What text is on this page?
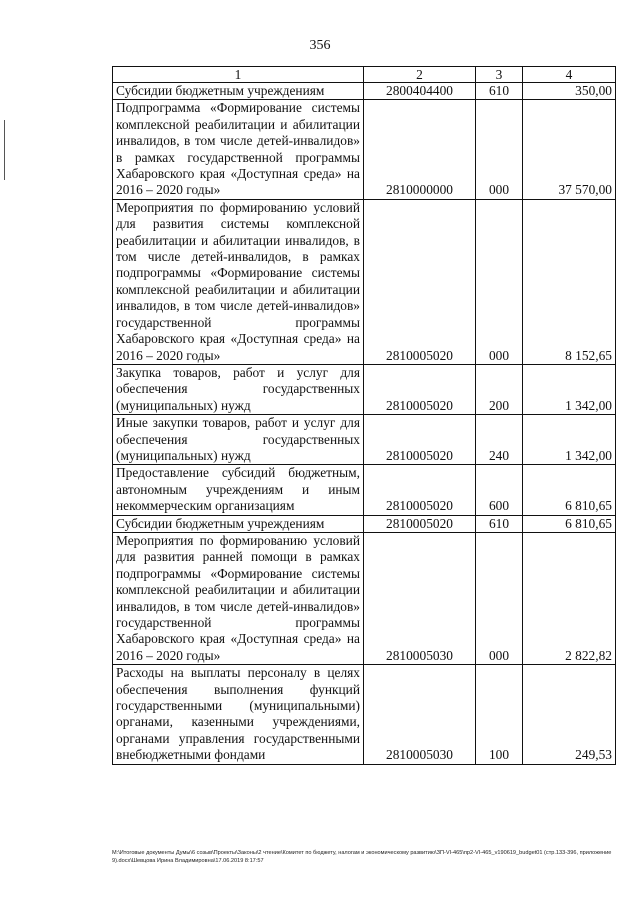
356
1	2	3	4
Субсидии бюджетным учреждениям	2800404400	610	350,00
Подпрограмма «Формирование системы комплексной реабилитации и абилитации инвалидов, в том числе детей-инвалидов» в рамках государственной программы Хабаровского края «Доступная среда» на 2016 – 2020 годы»	2810000000	000	37 570,00
Мероприятия по формированию условий для развития системы комплексной реабилитации и абилитации инвалидов, в том числе детей-инвалидов, в рамках подпрограммы «Формирование системы комплексной реабилитации и абилитации инвалидов, в том числе детей-инвалидов» государственной программы Хабаровского края «Доступная среда» на 2016 – 2020 годы»	2810005020	000	8 152,65
Закупка товаров, работ и услуг для обеспечения государственных (муниципальных) нужд	2810005020	200	1 342,00
Иные закупки товаров, работ и услуг для обеспечения государственных (муниципальных) нужд	2810005020	240	1 342,00
Предоставление субсидий бюджетным, автономным учреждениям и иным некоммерческим организациям	2810005020	600	6 810,65
Субсидии бюджетным учреждениям	2810005020	610	6 810,65
Мероприятия по формированию условий для развития ранней помощи в рамках подпрограммы «Формирование системы комплексной реабилитации и абилитации инвалидов, в том числе детей-инвалидов» государственной программы Хабаровского края «Доступная среда» на 2016 – 2020 годы»	2810005030	000	2 822,82
Расходы на выплаты персоналу в целях обеспечения выполнения функций государственными (муниципальными) органами, казенными учреждениями, органами управления государственными внебюджетными фондами	2810005030	100	249,53
M:\Итоговые документы Думы\6 созыв\Проекты\Законы\2 чтение\Комитет по бюджету, налогам и экономическому развитию\ЗП-VI-465\пр2-VI-465_v190619_budget01 (стр.133-396, приложение 9).docx\Шевцова Ирина Владимировна\17.06.2019 8:17:57
